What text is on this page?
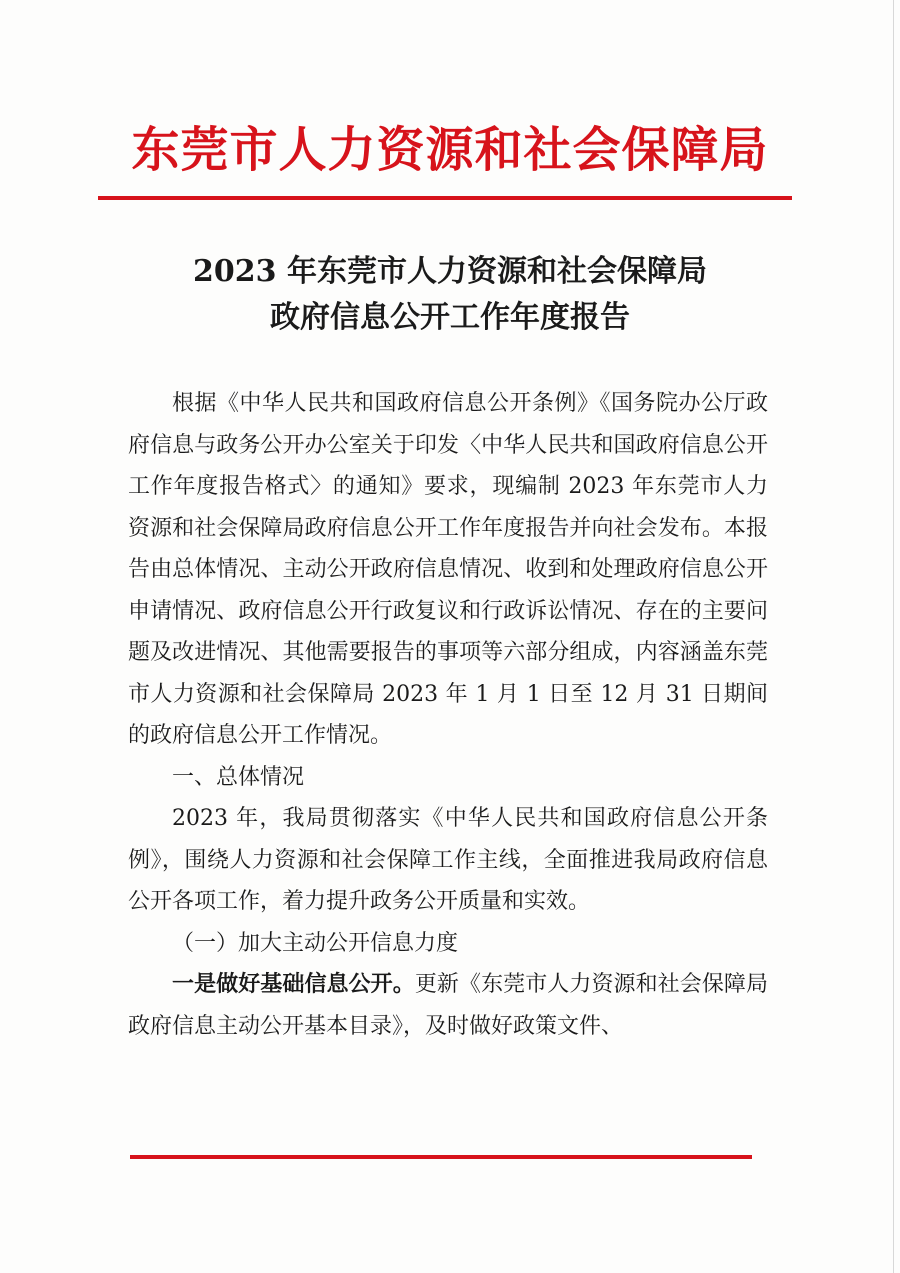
东莞市人力资源和社会保障局
2023 年东莞市人力资源和社会保障局
政府信息公开工作年度报告

根据《中华人民共和国政府信息公开条例》《国务院办公厅政府信息与政务公开办公室关于印发〈中华人民共和国政府信息公开工作年度报告格式〉的通知》要求，现编制 2023 年东莞市人力资源和社会保障局政府信息公开工作年度报告并向社会发布。本报告由总体情况、主动公开政府信息情况、收到和处理政府信息公开申请情况、政府信息公开行政复议和行政诉讼情况、存在的主要问题及改进情况、其他需要报告的事项等六部分组成，内容涵盖东莞市人力资源和社会保障局 2023 年 1 月 1 日至 12 月 31 日期间的政府信息公开工作情况。

一、总体情况

2023 年，我局贯彻落实《中华人民共和国政府信息公开条例》，围绕人力资源和社会保障工作主线，全面推进我局政府信息公开各项工作，着力提升政务公开质量和实效。

（一）加大主动公开信息力度

一是做好基础信息公开。更新《东莞市人力资源和社会保障局政府信息主动公开基本目录》，及时做好政策文件、
